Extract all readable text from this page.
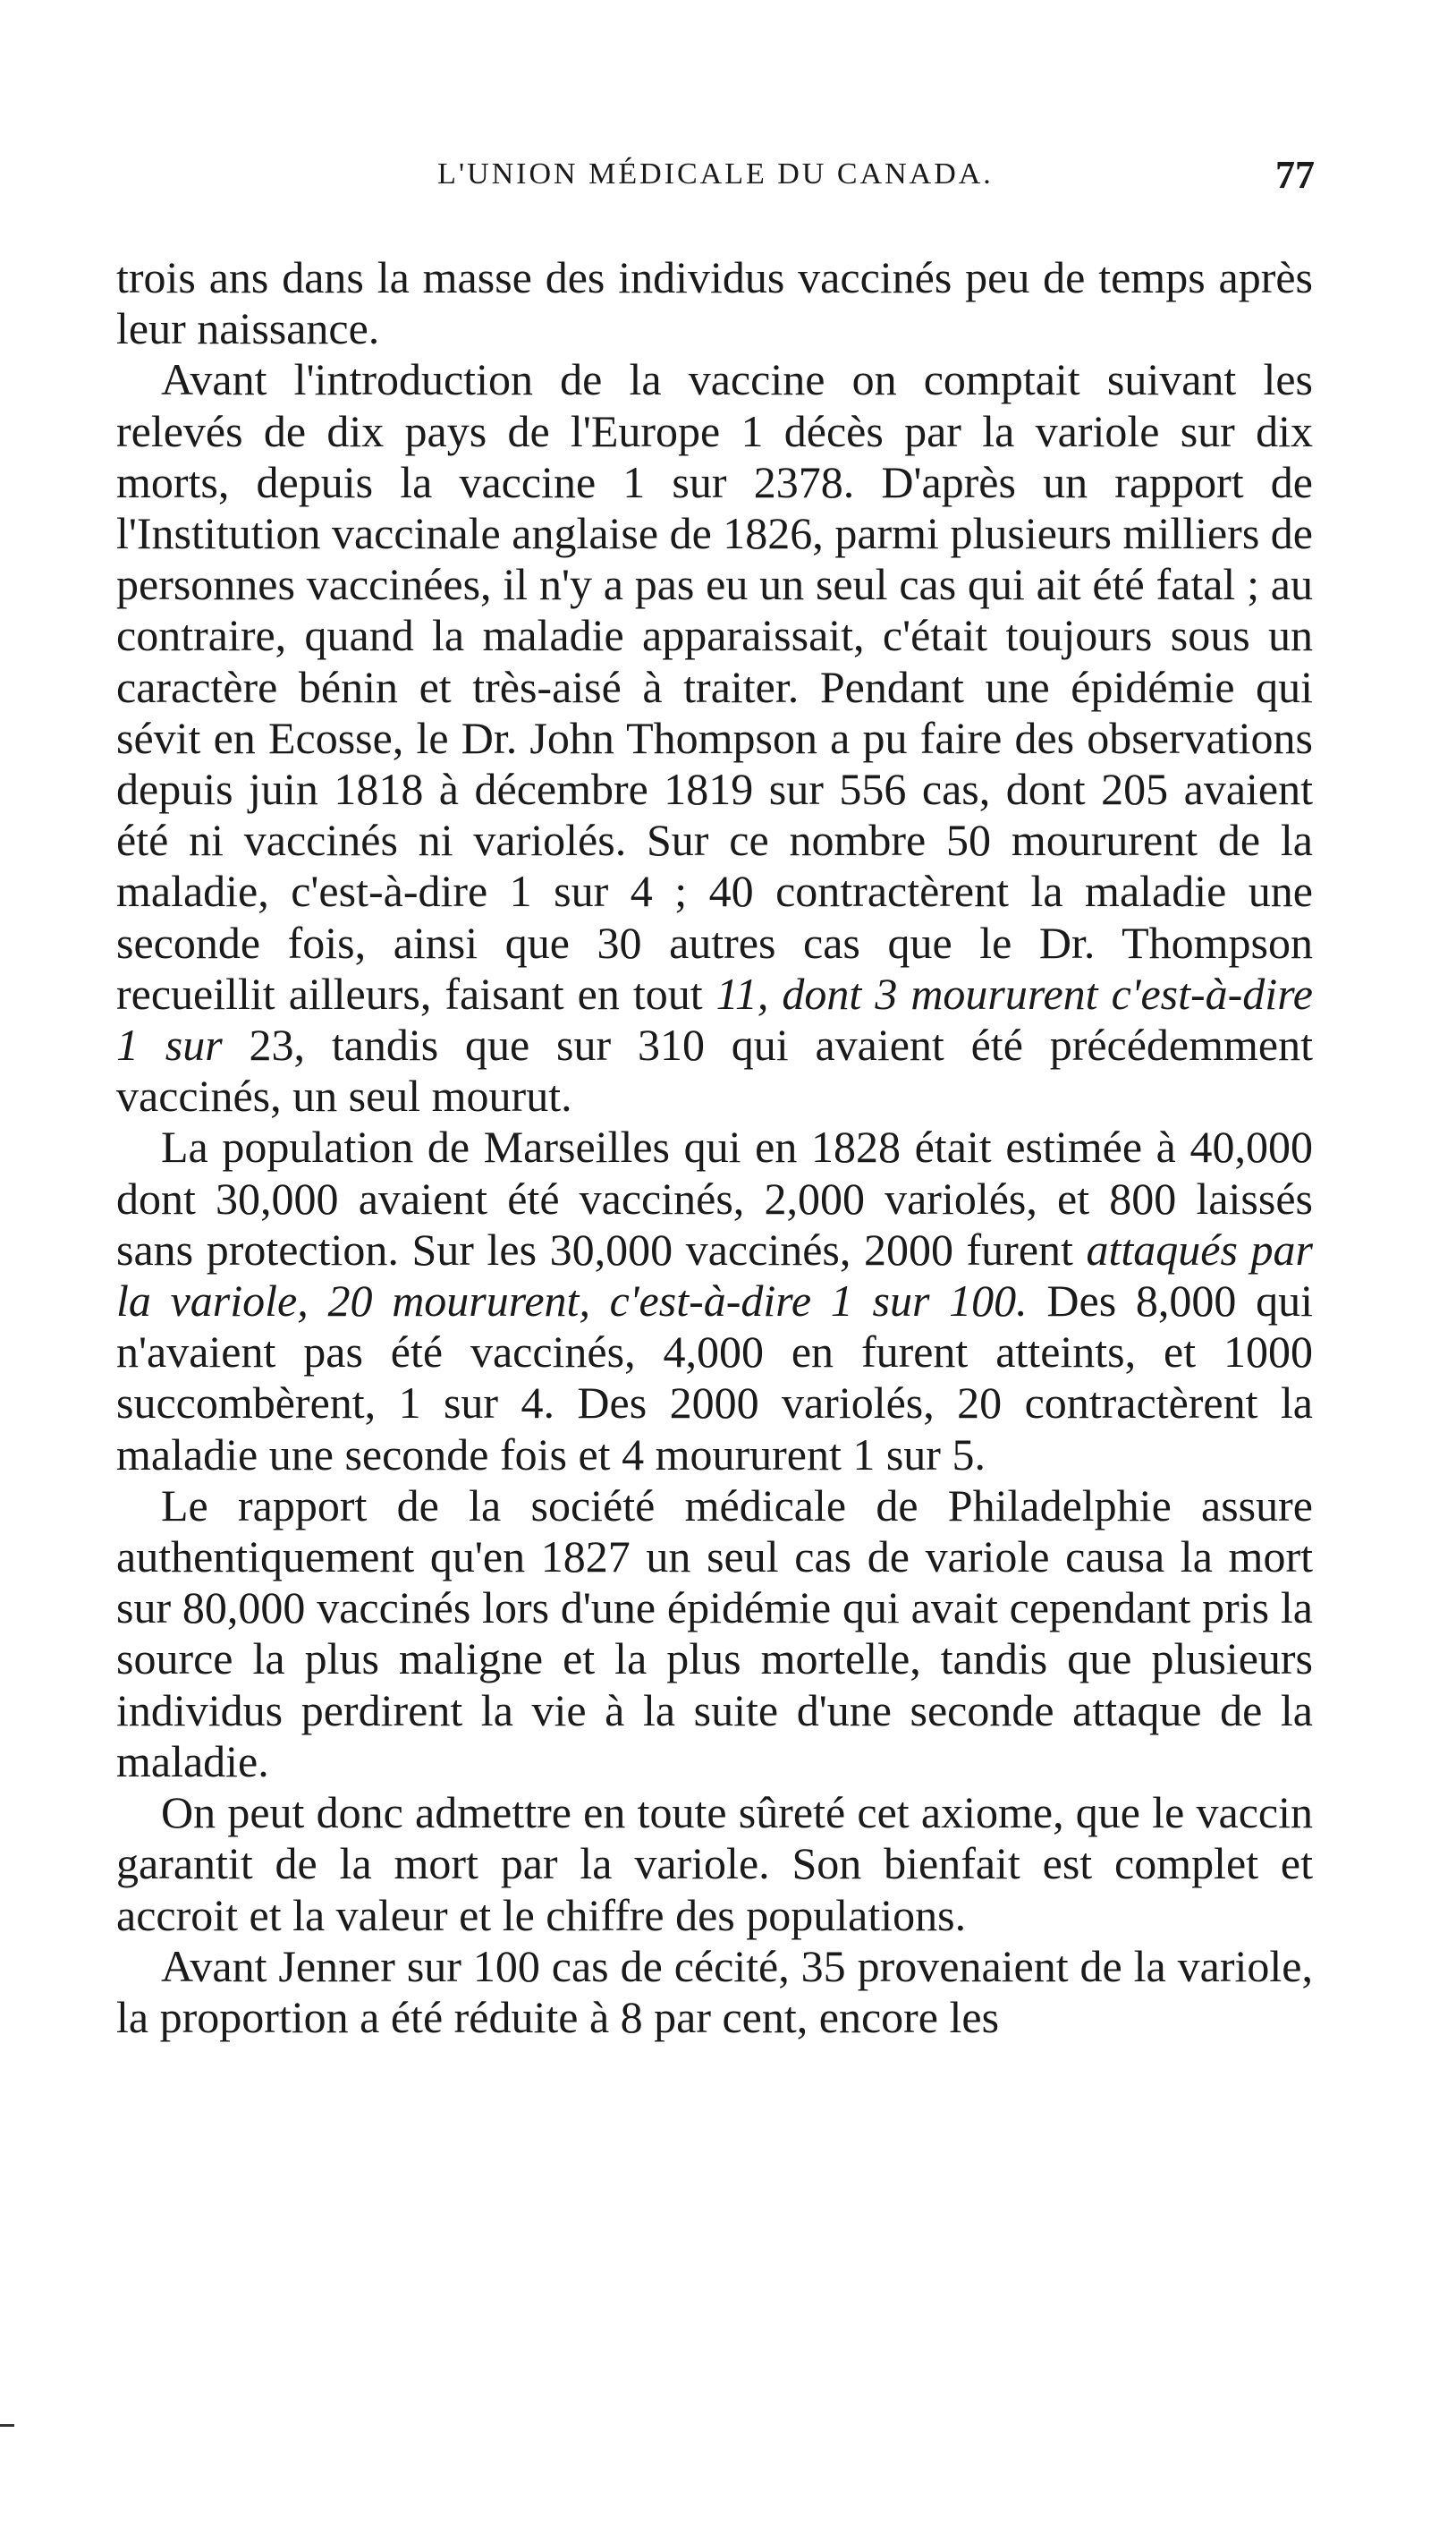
L'UNION MÉDICALE DU CANADA.	77

trois ans dans la masse des individus vaccinés peu de temps après leur naissance.

Avant l'introduction de la vaccine on comptait suivant les relevés de dix pays de l'Europe 1 décès par la variole sur dix morts, depuis la vaccine 1 sur 2378. D'après un rapport de l'Institution vaccinale anglaise de 1826, parmi plusieurs milliers de personnes vaccinées, il n'y a pas eu un seul cas qui ait été fatal ; au contraire, quand la maladie apparaissait, c'était toujours sous un caractère bénin et très-aisé à traiter. Pendant une épidémie qui sévit en Ecosse, le Dr. John Thompson a pu faire des observations depuis juin 1818 à décembre 1819 sur 556 cas, dont 205 avaient été ni vaccinés ni variolés. Sur ce nombre 50 moururent de la maladie, c'est-à-dire 1 sur 4 ; 40 contractèrent la maladie une seconde fois, ainsi que 30 autres cas que le Dr. Thompson recueillit ailleurs, faisant en tout 11, dont 3 moururent c'est-à-dire 1 sur 23, tandis que sur 310 qui avaient été précédemment vaccinés, un seul mourut.

La population de Marseilles qui en 1828 était estimée à 40,000 dont 30,000 avaient été vaccinés, 2,000 variolés, et 800 laissés sans protection. Sur les 30,000 vaccinés, 2000 furent attaqués par la variole, 20 moururent, c'est-à-dire 1 sur 100. Des 8,000 qui n'avaient pas été vaccinés, 4,000 en furent atteints, et 1000 succombèrent, 1 sur 4. Des 2000 variolés, 20 contractèrent la maladie une seconde fois et 4 moururent 1 sur 5.

Le rapport de la société médicale de Philadelphie assure authentiquement qu'en 1827 un seul cas de variole causa la mort sur 80,000 vaccinés lors d'une épidémie qui avait cependant pris la source la plus maligne et la plus mortelle, tandis que plusieurs individus perdirent la vie à la suite d'une seconde attaque de la maladie.

On peut donc admettre en toute sûreté cet axiome, que le vaccin garantit de la mort par la variole. Son bienfait est complet et accroit et la valeur et le chiffre des populations.

Avant Jenner sur 100 cas de cécité, 35 provenaient de la variole, la proportion a été réduite à 8 par cent, encore les
